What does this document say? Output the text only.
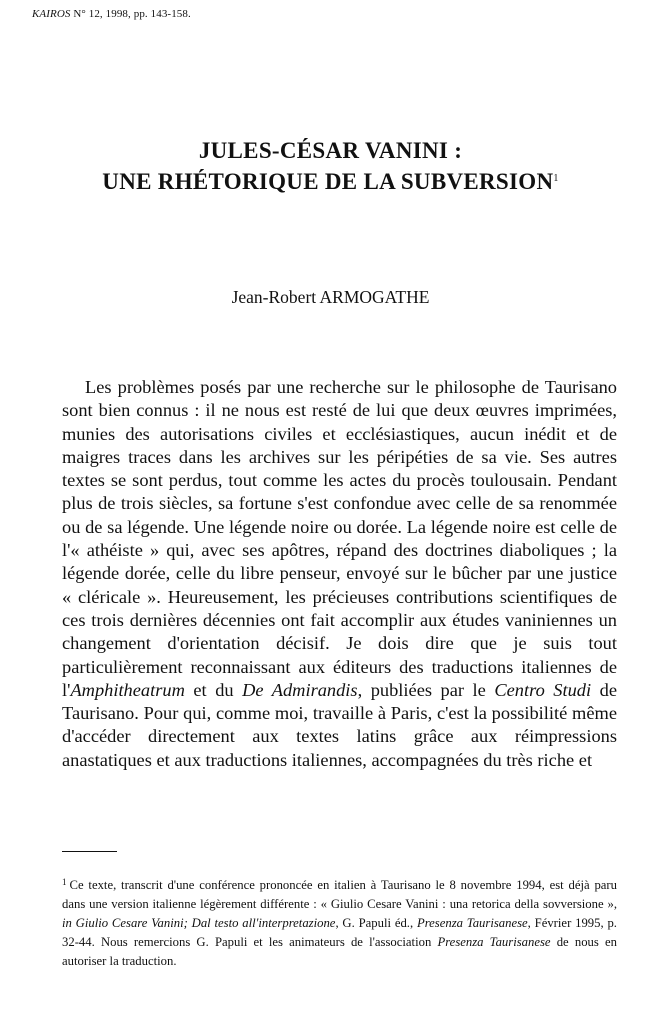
KAIROS N° 12, 1998, pp. 143-158.
JULES-CÉSAR VANINI :
UNE RHÉTORIQUE DE LA SUBVERSION$^1$
Jean-Robert ARMOGATHE

Les problèmes posés par une recherche sur le philosophe de Taurisano sont bien connus : il ne nous est resté de lui que deux œuvres imprimées, munies des autorisations civiles et ecclésiastiques, aucun inédit et de maigres traces dans les archives sur les péripéties de sa vie. Ses autres textes se sont perdus, tout comme les actes du procès toulousain. Pendant plus de trois siècles, sa fortune s'est confondue avec celle de sa renommée ou de sa légende. Une légende noire ou dorée. La légende noire est celle de l'« athéiste » qui, avec ses apôtres, répand des doctrines diaboliques ; la légende dorée, celle du libre penseur, envoyé sur le bûcher par une justice « cléricale ». Heureusement, les précieuses contributions scientifiques de ces trois dernières décennies ont fait accomplir aux études vaniniennes un changement d'orientation décisif. Je dois dire que je suis tout particulièrement reconnaissant aux éditeurs des traductions italiennes de l'Amphitheatrum et du De Admirandis, publiées par le Centro Studi de Taurisano. Pour qui, comme moi, travaille à Paris, c'est la possibilité même d'accéder directement aux textes latins grâce aux réimpressions anastatiques et aux traductions italiennes, accompagnées du très riche et

$^1$ Ce texte, transcrit d'une conférence prononcée en italien à Taurisano le 8 novembre 1994, est déjà paru dans une version italienne légèrement différente : « Giulio Cesare Vanini : una retorica della sovversione », in Giulio Cesare Vanini; Dal testo all'interpretazione, G. Papuli éd., Presenza Taurisanese, Février 1995, p. 32-44. Nous remercions G. Papuli et les animateurs de l'association Presenza Taurisanese de nous en autoriser la traduction.
